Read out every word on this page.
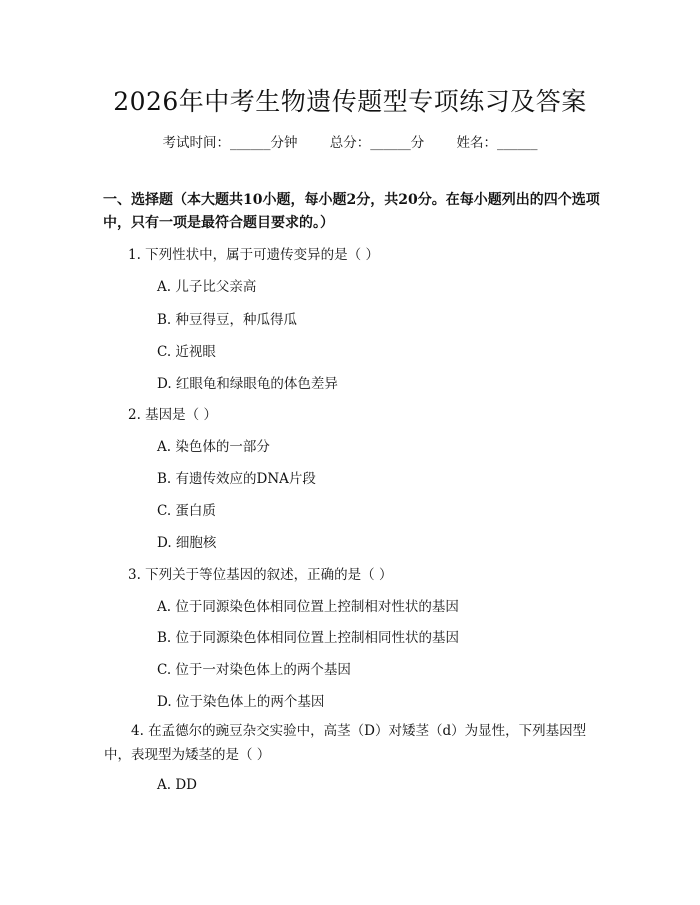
2026年中考生物遗传题型专项练习及答案
考试时间：______分钟 总分：______分 姓名：______
一、选择题（本大题共10小题，每小题2分，共20分。在每小题列出的四个选项中，只有一项是最符合题目要求的。）
1. 下列性状中，属于可遗传变异的是（ ）
A. 儿子比父亲高
B. 种豆得豆，种瓜得瓜
C. 近视眼
D. 红眼龟和绿眼龟的体色差异
2. 基因是（ ）
A. 染色体的一部分
B. 有遗传效应的DNA片段
C. 蛋白质
D. 细胞核
3. 下列关于等位基因的叙述，正确的是（ ）
A. 位于同源染色体相同位置上控制相对性状的基因
B. 位于同源染色体相同位置上控制相同性状的基因
C. 位于一对染色体上的两个基因
D. 位于染色体上的两个基因
4. 在孟德尔的豌豆杂交实验中，高茎（D）对矮茎（d）为显性，下列基因型中，表现型为矮茎的是（ ）
A. DD
